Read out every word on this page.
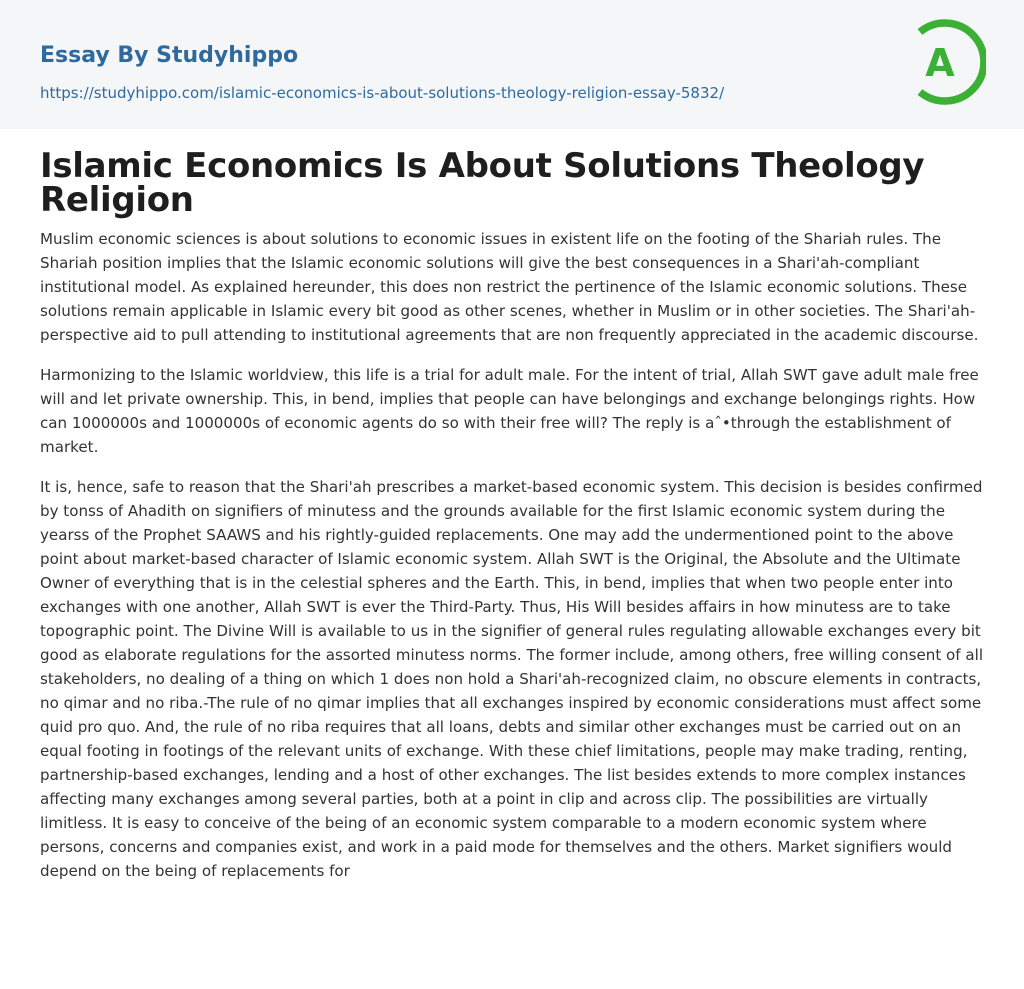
Essay By Studyhippo
https://studyhippo.com/islamic-economics-is-about-solutions-theology-religion-essay-5832/
A
Islamic Economics Is About Solutions Theology Religion

Muslim economic sciences is about solutions to economic issues in existent life on the footing of the Shariah rules. The Shariah position implies that the Islamic economic solutions will give the best consequences in a Shari'ah-compliant institutional model. As explained hereunder, this does non restrict the pertinence of the Islamic economic solutions. These solutions remain applicable in Islamic every bit good as other scenes, whether in Muslim or in other societies. The Shari'ah-perspective aid to pull attending to institutional agreements that are non frequently appreciated in the academic discourse.

Harmonizing to the Islamic worldview, this life is a trial for adult male. For the intent of trial, Allah SWT gave adult male free will and let private ownership. This, in bend, implies that people can have belongings and exchange belongings rights. How can 1000000s and 1000000s of economic agents do so with their free will? The reply is aˆ•through the establishment of market.

It is, hence, safe to reason that the Shari'ah prescribes a market-based economic system. This decision is besides confirmed by tonss of Ahadith on signifiers of minutess and the grounds available for the first Islamic economic system during the yearss of the Prophet SAAWS and his rightly-guided replacements. One may add the undermentioned point to the above point about market-based character of Islamic economic system. Allah SWT is the Original, the Absolute and the Ultimate Owner of everything that is in the celestial spheres and the Earth. This, in bend, implies that when two people enter into exchanges with one another, Allah SWT is ever the Third-Party. Thus, His Will besides affairs in how minutess are to take topographic point. The Divine Will is available to us in the signifier of general rules regulating allowable exchanges every bit good as elaborate regulations for the assorted minutess norms. The former include, among others, free willing consent of all stakeholders, no dealing of a thing on which 1 does non hold a Shari'ah-recognized claim, no obscure elements in contracts, no qimar and no riba.-The rule of no qimar implies that all exchanges inspired by economic considerations must affect some quid pro quo. And, the rule of no riba requires that all loans, debts and similar other exchanges must be carried out on an equal footing in footings of the relevant units of exchange. With these chief limitations, people may make trading, renting, partnership-based exchanges, lending and a host of other exchanges. The list besides extends to more complex instances affecting many exchanges among several parties, both at a point in clip and across clip. The possibilities are virtually limitless. It is easy to conceive of the being of an economic system comparable to a modern economic system where persons, concerns and companies exist, and work in a paid mode for themselves and the others. Market signifiers would depend on the being of replacements for
